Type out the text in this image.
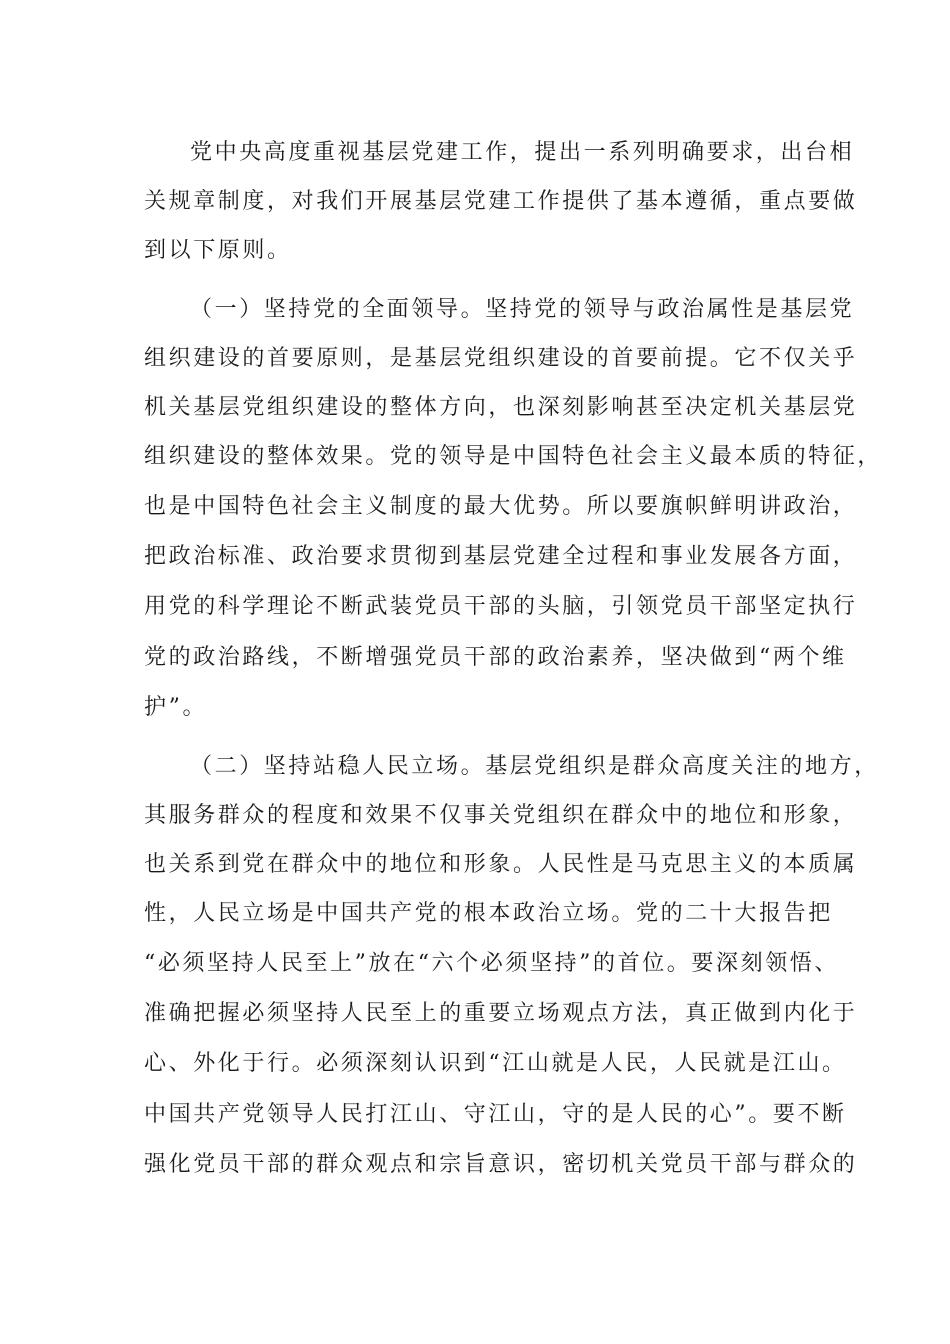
党中央高度重视基层党建工作，提出一系列明确要求，出台相
关规章制度，对我们开展基层党建工作提供了基本遵循，重点要做
到以下原则。
（一）坚持党的全面领导。坚持党的领导与政治属性是基层党
组织建设的首要原则，是基层党组织建设的首要前提。它不仅关乎
机关基层党组织建设的整体方向，也深刻影响甚至决定机关基层党
组织建设的整体效果。党的领导是中国特色社会主义最本质的特征，
也是中国特色社会主义制度的最大优势。所以要旗帜鲜明讲政治，
把政治标准、政治要求贯彻到基层党建全过程和事业发展各方面，
用党的科学理论不断武装党员干部的头脑，引领党员干部坚定执行
党的政治路线，不断增强党员干部的政治素养，坚决做到“两个维
护”。
（二）坚持站稳人民立场。基层党组织是群众高度关注的地方，
其服务群众的程度和效果不仅事关党组织在群众中的地位和形象，
也关系到党在群众中的地位和形象。人民性是马克思主义的本质属
性，人民立场是中国共产党的根本政治立场。党的二十大报告把
“必须坚持人民至上”放在“六个必须坚持”的首位。要深刻领悟、
准确把握必须坚持人民至上的重要立场观点方法，真正做到内化于
心、外化于行。必须深刻认识到“江山就是人民，人民就是江山。
中国共产党领导人民打江山、守江山，守的是人民的心”。要不断
强化党员干部的群众观点和宗旨意识，密切机关党员干部与群众的
